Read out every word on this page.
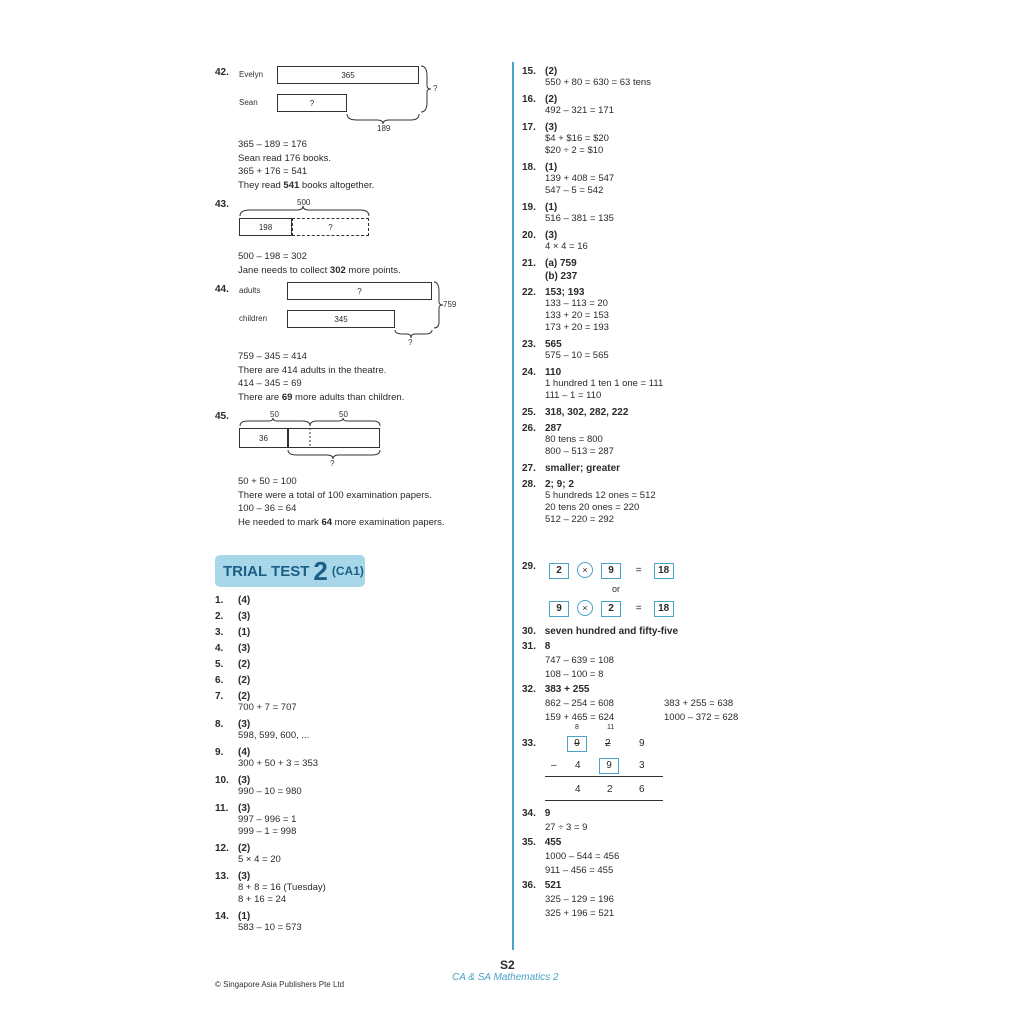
42. Evelyn
Sean
365
?
?
189
365 – 189 = 176
Sean read 176 books.
365 + 176 = 541
They read 541 books altogether.
43.	500
198	?
500 – 198 = 302
Jane needs to collect 302 more points.
44. adults
children
?
345
759
?
759 – 345 = 414
There are 414 adults in the theatre.
414 – 345 = 69
There are 69 more adults than children.
45.	50	50
36
?
50 + 50 = 100
There were a total of 100 examination papers.
100 – 36 = 64
He needed to mark 64 more examination papers.
TRIAL TEST 2 (CA1)
1. (4)
2. (3)
3. (1)
4. (3)
5. (2)
6. (2)
7. (2)
700 + 7 = 707
8. (3)
598, 599, 600, ...
9. (4)
300 + 50 + 3 = 353
10. (3)
990 – 10 = 980
11. (3)
997 – 996 = 1
999 – 1 = 998
12. (2)
5 × 4 = 20
13. (3)
8 + 8 = 16 (Tuesday)
8 + 16 = 24
14. (1)
583 – 10 = 573
15. (2)
550 + 80 = 630 = 63 tens
16. (2)
492 – 321 = 171
17. (3)
$4 + $16 = $20
$20 ÷ 2 = $10
18. (1)
139 + 408 = 547
547 – 5 = 542
19. (1)
516 – 381 = 135
20. (3)
4 × 4 = 16
21. (a) 759
(b) 237
22. 153; 193
133 – 113 = 20
133 + 20 = 153
173 + 20 = 193
23. 565
575 – 10 = 565
24. 110
1 hundred 1 ten 1 one = 111
111 – 1 = 110
25. 318, 302, 282, 222
26. 287
80 tens = 800
800 – 513 = 287
27. smaller; greater
28. 2; 9; 2
5 hundreds 12 ones = 512
20 tens 20 ones = 220
512 – 220 = 292
29.	2 × 9 = 18
or
9 × 2 = 18
30. seven hundred and fifty-five
31. 8
747 – 639 = 108
108 – 100 = 8
32. 383 + 255
862 – 254 = 608
159 + 465 = 624
383 + 255 = 638
1000 – 372 = 628
33.
8	11
9	2	9
– 4	9	3
4	2	6
34. 9
27 ÷ 3 = 9
35. 455
1000 – 544 = 456
911 – 456 = 455
36. 521
325 – 129 = 196
325 + 196 = 521
S2
CA & SA Mathematics 2
© Singapore Asia Publishers Pte Ltd
